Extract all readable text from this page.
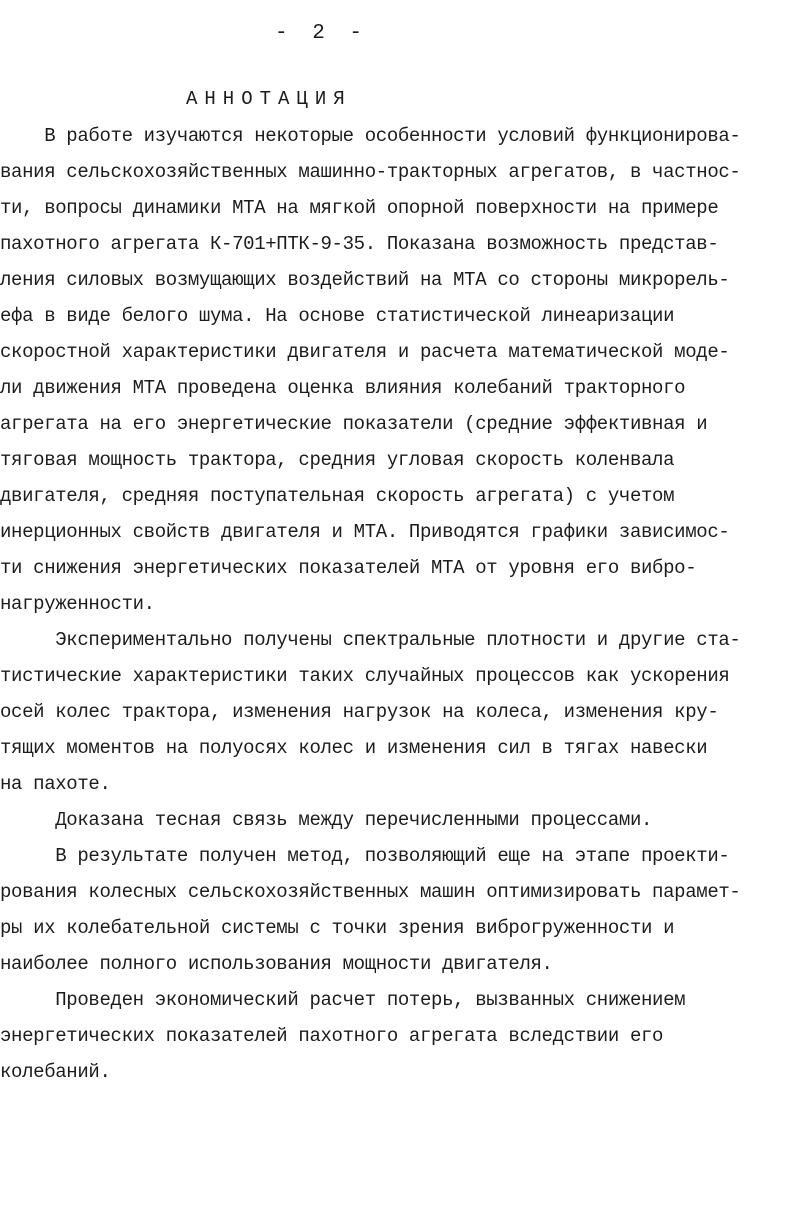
- 2 -
АННОТАЦИЯ
В работе изучаются некоторые особенности условий функционирова-
вания сельскохозяйственных машинно-тракторных агрегатов, в частнос-
ти, вопросы динамики МТА на мягкой опорной поверхности на примере
пахотного агрегата К-701+ПТК-9-35. Показана возможность представ-
ления силовых возмущающих воздействий на МТА со стороны микрорель-
ефа в виде белого шума. На основе статистической линеаризации
скоростной характеристики двигателя и расчета математической моде-
ли движения МТА проведена оценка влияния колебаний тракторного
агрегата на его энергетические показатели (средние эффективная и
тяговая мощность трактора, средния угловая скорость коленвала
двигателя, средняя поступательная скорость агрегата) с учетом
инерционных свойств двигателя и МТА. Приводятся графики зависимос-
ти снижения энергетических показателей МТА от уровня его вибро-
нагруженности.
Экспериментально получены спектральные плотности и другие ста-
тистические характеристики таких случайных процессов как ускорения
осей колес трактора, изменения нагрузок на колеса, изменения кру-
тящих моментов на полуосях колес и изменения сил в тягах навески
на пахоте.
Доказана тесная связь между перечисленными процессами.
В результате получен метод, позволяющий еще на этапе проекти-
рования колесных сельскохозяйственных машин оптимизировать парамет-
ры их колебательной системы с точки зрения виброгруженности и
наиболее полного использования мощности двигателя.
Проведен экономический расчет потерь, вызванных снижением
энергетических показателей пахотного агрегата вследствии его
колебаний.
